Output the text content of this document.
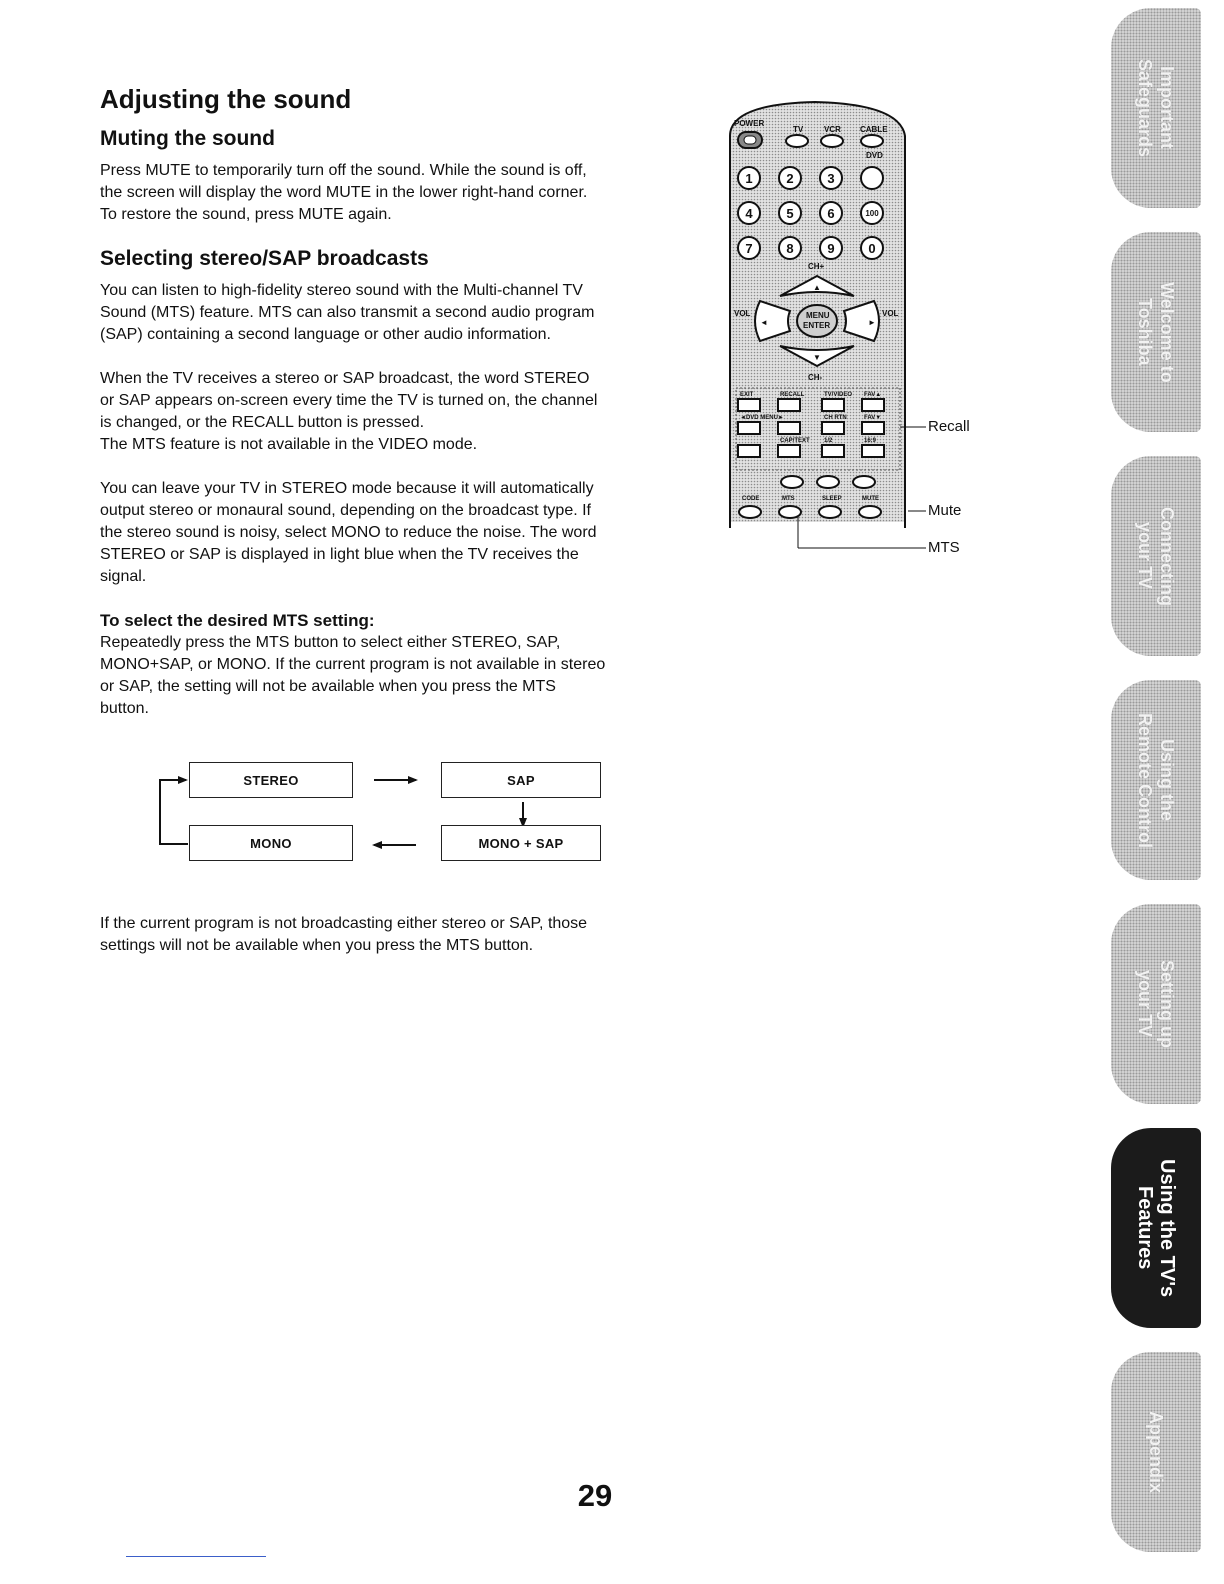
Adjusting the sound
Muting the sound
Press MUTE to temporarily turn off the sound. While the sound is off,
the screen will display the word MUTE in the lower right-hand corner.
To restore the sound, press MUTE again.
Selecting stereo/SAP broadcasts
You can listen to high-fidelity stereo sound with the Multi-channel TV
Sound (MTS) feature. MTS can also transmit a second audio program
(SAP) containing a second language or other audio information.
When the TV receives a stereo or SAP broadcast, the word STEREO
or SAP appears on-screen every time the TV is turned on, the channel
is changed, or the RECALL button is pressed.
The MTS feature is not available in the VIDEO mode.
You can leave your TV in STEREO mode because it will automatically
output stereo or monaural sound, depending on the broadcast type. If
the stereo sound is noisy, select MONO to reduce the noise. The word
STEREO or SAP is displayed in light blue when the TV receives the
signal.
To select the desired MTS setting:
Repeatedly press the MTS button to select either STEREO, SAP,
MONO+SAP, or MONO. If the current program is not available in stereo
or SAP, the setting will not be available when you press the MTS
button.
STEREO	SAP
MONO	MONO + SAP
If the current program is not broadcasting either stereo or SAP, those
settings will not be available when you press the MTS button.
POWER
TV	VCR CABLE
DVD
1	2	3
4	5	6	100
7	8	9	0
CH+
▲
▼
◄	►
MENU
ENTER
VOL	VOL
CH-
EXIT	RECALL	TV/VIDEO FAV▲
◄DVD MENU►	CH RTN	FAV▼
CAP/TEXT 1/2	16:9
CODE	MTS	SLEEP	MUTE
Recall
Mute
MTS
Important
Safeguards
Welcome to
Toshiba
Connecting
your TV
Using the
Remote Control
Setting up
your TV
Using the TV's
Features
Appendix
29
